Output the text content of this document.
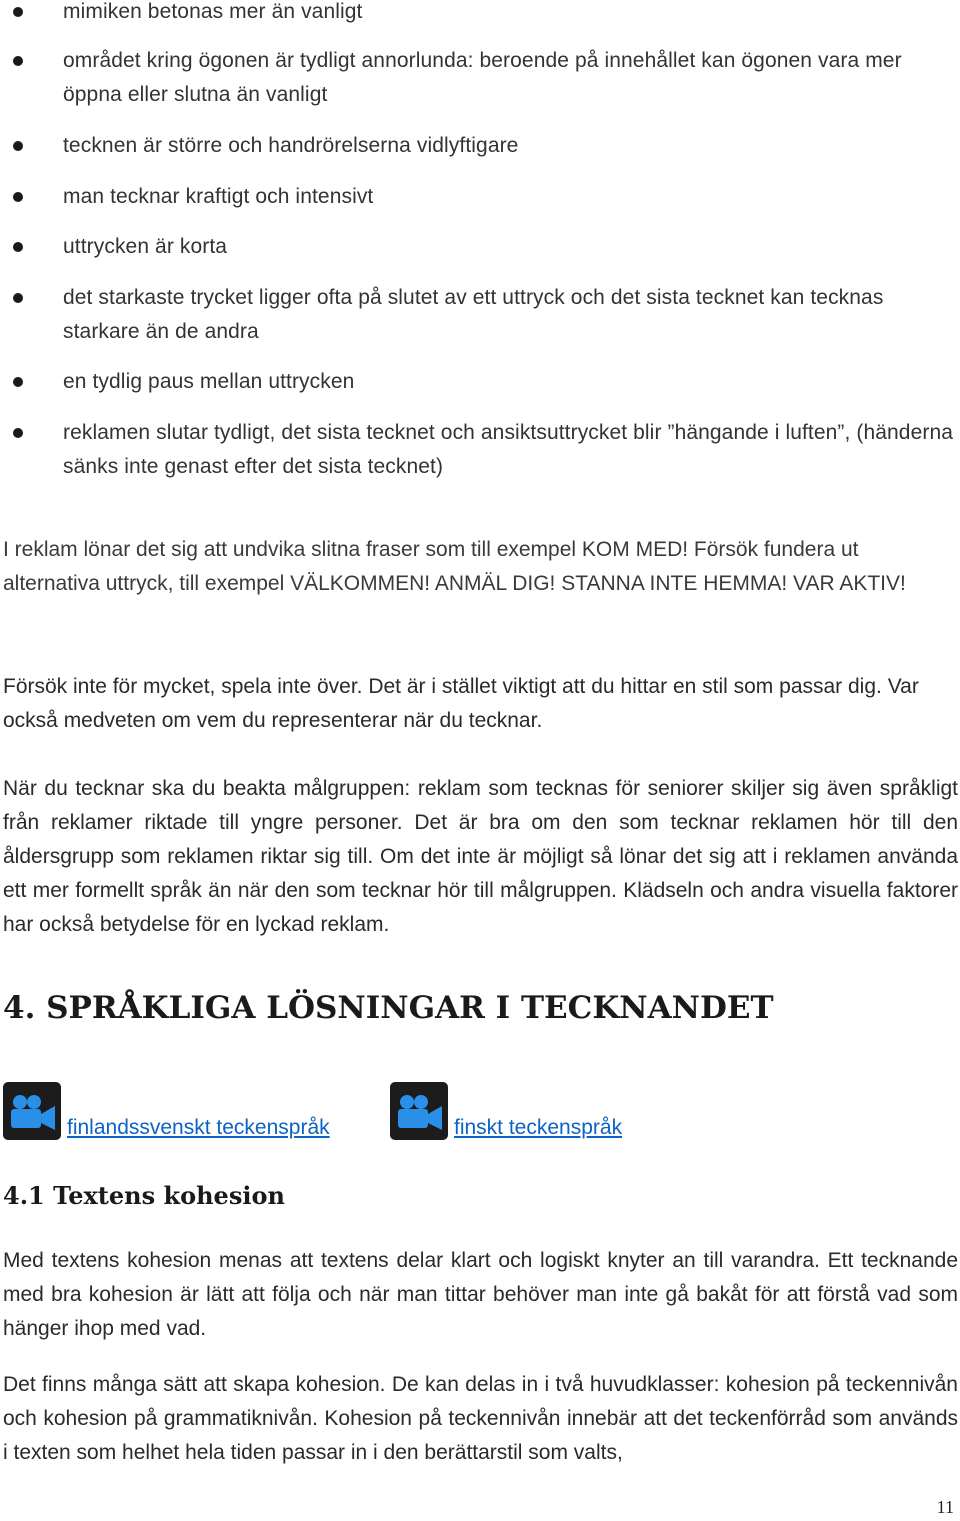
mimiken betonas mer än vanligt
området kring ögonen är tydligt annorlunda: beroende på innehållet kan ögonen vara mer öppna eller slutna än vanligt
tecknen är större och handrörelserna vidlyftigare
man tecknar kraftigt och intensivt
uttrycken är korta
det starkaste trycket ligger ofta på slutet av ett uttryck och det sista tecknet kan tecknas starkare än de andra
en tydlig paus mellan uttrycken
reklamen slutar tydligt, det sista tecknet och ansiktsuttrycket blir ”hängande i luften”, (händerna sänks inte genast efter det sista tecknet)

I reklam lönar det sig att undvika slitna fraser som till exempel KOM MED! Försök fundera ut alternativa uttryck, till exempel VÄLKOMMEN! ANMÄL DIG! STANNA INTE HEMMA! VAR AKTIV!

Försök inte för mycket, spela inte över. Det är i stället viktigt att du hittar en stil som passar dig. Var också medveten om vem du representerar när du tecknar.

När du tecknar ska du beakta målgruppen: reklam som tecknas för seniorer skiljer sig även språkligt från reklamer riktade till yngre personer. Det är bra om den som tecknar reklamen hör till den åldersgrupp som reklamen riktar sig till. Om det inte är möjligt så lönar det sig att i reklamen använda ett mer formellt språk än när den som tecknar hör till målgruppen. Klädseln och andra visuella faktorer har också betydelse för en lyckad reklam.

4. SPRÅKLIGA LÖSNINGAR I TECKNANDET
finlandssvenskt teckenspråk	finskt teckenspråk
4.1 Textens kohesion

Med textens kohesion menas att textens delar klart och logiskt knyter an till varandra. Ett tecknande med bra kohesion är lätt att följa och när man tittar behöver man inte gå bakåt för att förstå vad som hänger ihop med vad.

Det finns många sätt att skapa kohesion. De kan delas in i två huvudklasser: kohesion på teckennivån och kohesion på grammatiknivån. Kohesion på teckennivån innebär att det teckenförråd som används i texten som helhet hela tiden passar in i den berättarstil som valts,

11
